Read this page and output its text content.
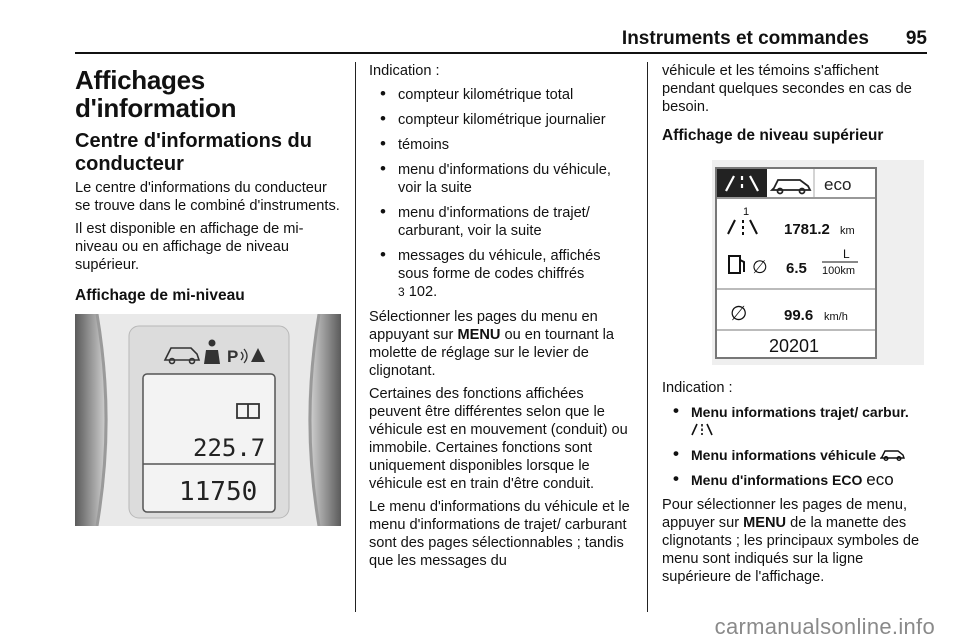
Instruments et commandes 95
Affichages
d'information
Centre d'informations du conducteur

Le centre d'informations du conducteur se trouve dans le combiné d'instruments.

Il est disponible en affichage de mi-niveau ou en affichage de niveau supérieur.

Affichage de mi-niveau
P
225.7
11750

Indication :

• compteur kilométrique total
• compteur kilométrique journalier
• témoins
• menu d'informations du véhicule, voir la suite
• menu d'informations de trajet/ carburant, voir la suite
• messages du véhicule, affichés sous forme de codes chiffrés
3 102.

Sélectionner les pages du menu en appuyant sur MENU ou en tournant la molette de réglage sur le levier de clignotant.

Certaines des fonctions affichées peuvent être différentes selon que le véhicule est en mouvement (conduit) ou immobile. Certaines fonctions sont uniquement disponibles lorsque le véhicule est en train d'être conduit.

Le menu d'informations du véhicule et le menu d'informations de trajet/ carburant sont des pages sélectionnables ; tandis que les messages du

véhicule et les témoins s'affichent pendant quelques secondes en cas de besoin.

Affichage de niveau supérieur
eco
1
1781.2 km
∅ 6.5
L
100km
∅ 99.6 km/h
20201

Indication :

• Menu informations trajet/ carbur.
• Menu informations véhicule
• Menu d'informations ECO eco

Pour sélectionner les pages de menu, appuyer sur MENU de la manette des clignotants ; les principaux symboles de menu sont indiqués sur la ligne supérieure de l'affichage.

carmanualsonline.info
